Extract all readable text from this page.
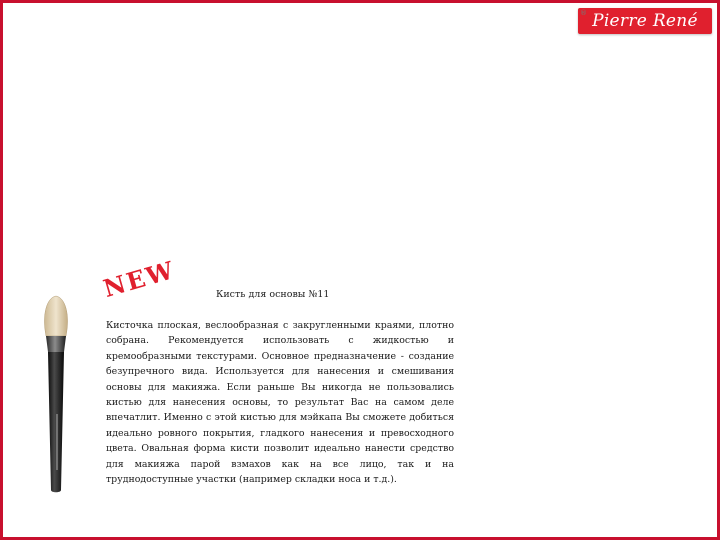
Pierre René
®
NEW	Кисть для основы №11

Кисточка плоская, веслообразная с закругленными краями, плотно собрана. Рекомендуется использовать с жидкостью и кремообразными текстурами. Основное предназначение - создание безупречного вида. Используется для нанесения и смешивания основы для макияжа. Если раньше Вы никогда не пользовались кистью для нанесения основы, то результат Вас на самом деле впечатлит. Именно с этой кистью для мэйкапа Вы сможете добиться идеально ровного покрытия, гладкого нанесения и превосходного цвета. Овальная форма кисти позволит идеально нанести средство для макияжа парой взмахов как на все лицо, так и на труднодоступные участки (например складки носа и т.д.).
